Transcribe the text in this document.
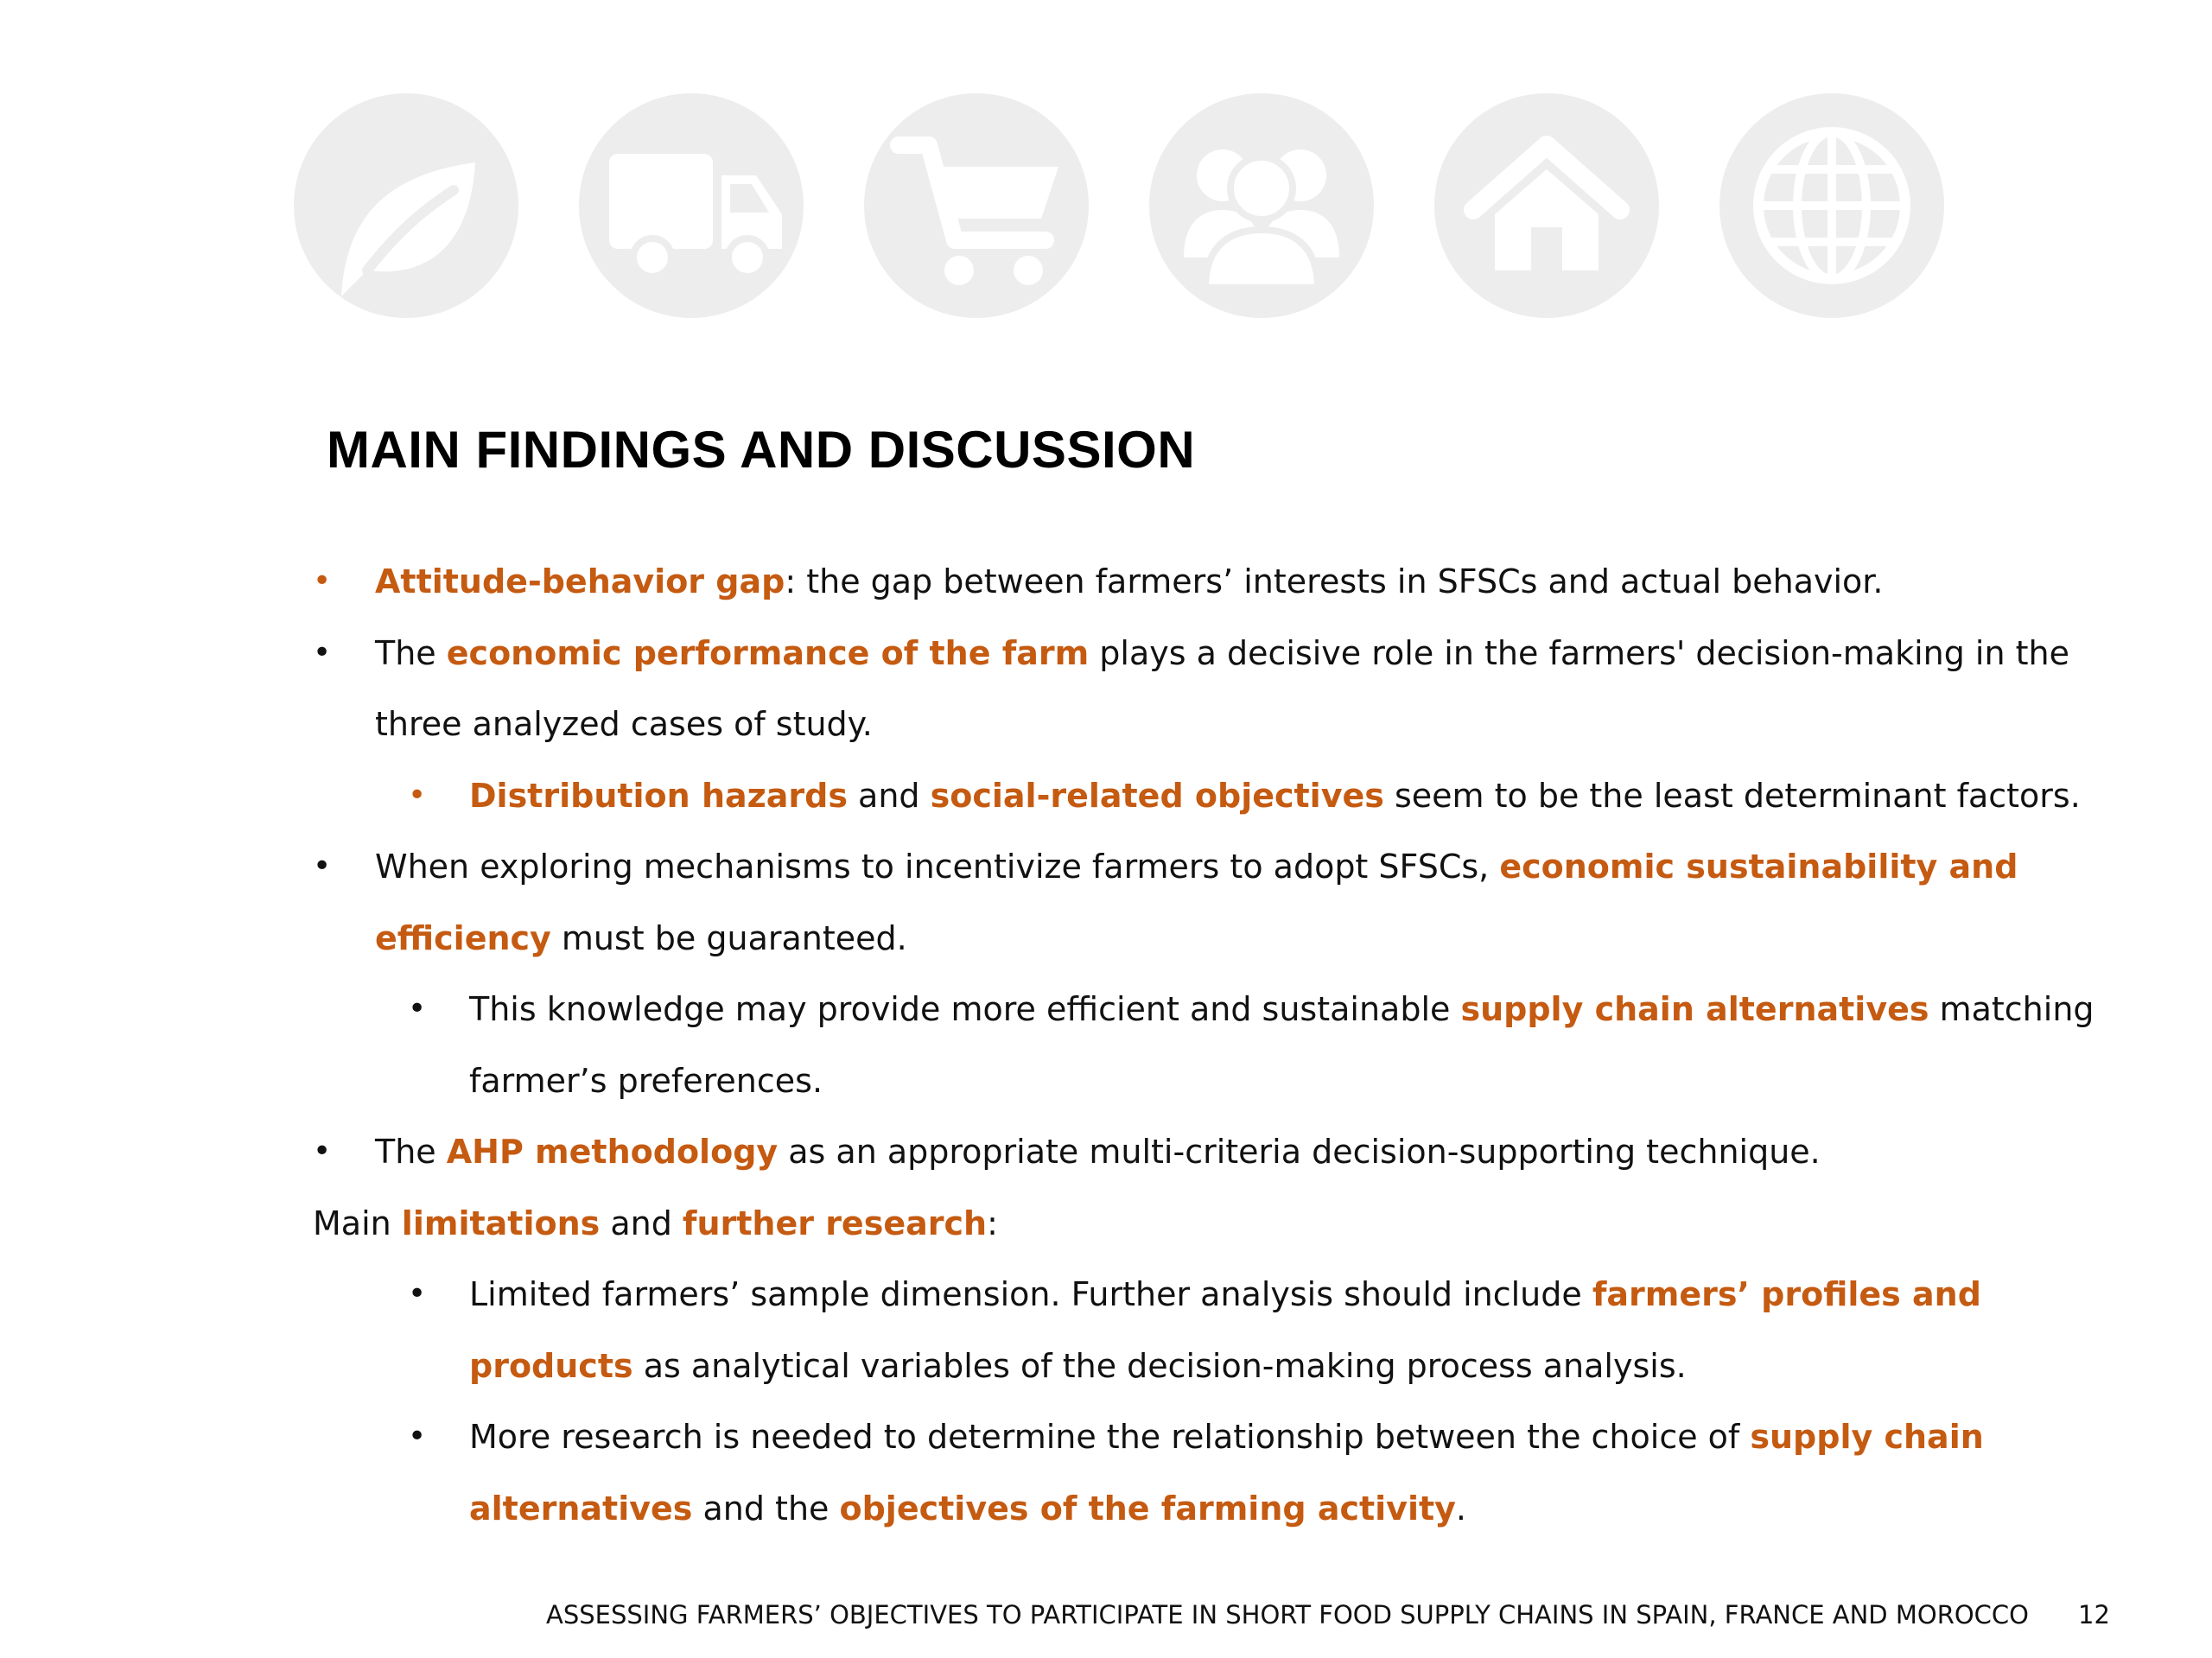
MAIN FINDINGS AND DISCUSSION
• Attitude-behavior gap: the gap between farmers’ interests in SFSCs and actual behavior.
• The economic performance of the farm plays a decisive role in the farmers' decision-making in the
three analyzed cases of study.
• Distribution hazards and social-related objectives seem to be the least determinant factors.
• When exploring mechanisms to incentivize farmers to adopt SFSCs, economic sustainability and
efficiency must be guaranteed.
• This knowledge may provide more efficient and sustainable supply chain alternatives matching
farmer’s preferences.
• The AHP methodology as an appropriate multi-criteria decision-supporting technique.
Main limitations and further research:
• Limited farmers’ sample dimension. Further analysis should include farmers’ profiles and
products as analytical variables of the decision-making process analysis.
• More research is needed to determine the relationship between the choice of supply chain
alternatives and the objectives of the farming activity.
ASSESSING FARMERS’ OBJECTIVES TO PARTICIPATE IN SHORT FOOD SUPPLY CHAINS IN SPAIN, FRANCE AND MOROCCO 12
